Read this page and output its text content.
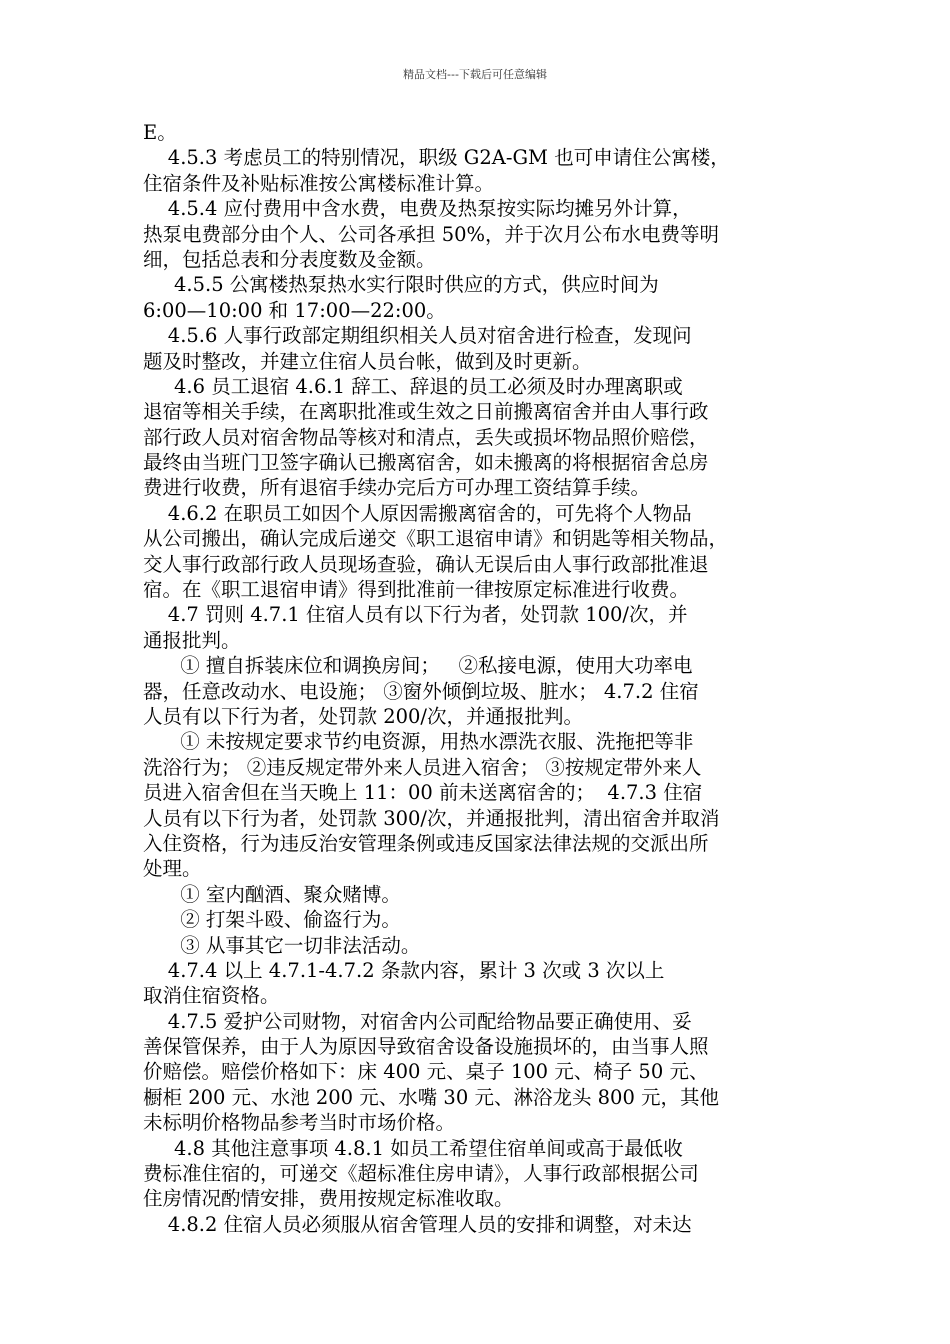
精品文档---下载后可任意编辑
E。
4.5.3 考虑员工的特别情况，职级 G2A-GM 也可申请住公寓楼，
住宿条件及补贴标准按公寓楼标准计算。
4.5.4 应付费用中含水费，电费及热泵按实际均摊另外计算，
热泵电费部分由个人、公司各承担 50%，并于次月公布水电费等明
细，包括总表和分表度数及金额。
4.5.5 公寓楼热泵热水实行限时供应的方式，供应时间为
6:00—10:00 和 17:00—22:00。
4.5.6 人事行政部定期组织相关人员对宿舍进行检查，发现问
题及时整改，并建立住宿人员台帐，做到及时更新。
4.6 员工退宿 4.6.1 辞工、辞退的员工必须及时办理离职或
退宿等相关手续，在离职批准或生效之日前搬离宿舍并由人事行政
部行政人员对宿舍物品等核对和清点，丢失或损坏物品照价赔偿，
最终由当班门卫签字确认已搬离宿舍，如未搬离的将根据宿舍总房
费进行收费，所有退宿手续办完后方可办理工资结算手续。
4.6.2 在职员工如因个人原因需搬离宿舍的，可先将个人物品
从公司搬出，确认完成后递交《职工退宿申请》和钥匙等相关物品，
交人事行政部行政人员现场查验，确认无误后由人事行政部批准退
宿。在《职工退宿申请》得到批准前一律按原定标准进行收费。
4.7 罚则 4.7.1 住宿人员有以下行为者，处罚款 100/次，并
通报批判。
① 擅自拆装床位和调换房间；   ②私接电源，使用大功率电
器，任意改动水、电设施； ③窗外倾倒垃圾、脏水； 4.7.2 住宿
人员有以下行为者，处罚款 200/次，并通报批判。
① 未按规定要求节约电资源，用热水漂洗衣服、洗拖把等非
洗浴行为； ②违反规定带外来人员进入宿舍； ③按规定带外来人
员进入宿舍但在当天晚上 11：00 前未送离宿舍的；  4.7.3 住宿
人员有以下行为者，处罚款 300/次，并通报批判，清出宿舍并取消
入住资格，行为违反治安管理条例或违反国家法律法规的交派出所
处理。
① 室内酗酒、聚众赌博。
② 打架斗殴、偷盗行为。
③ 从事其它一切非法活动。
4.7.4 以上 4.7.1-4.7.2 条款内容，累计 3 次或 3 次以上
取消住宿资格。
4.7.5 爱护公司财物，对宿舍内公司配给物品要正确使用、妥
善保管保养，由于人为原因导致宿舍设备设施损坏的，由当事人照
价赔偿。赔偿价格如下：床 400 元、桌子 100 元、椅子 50 元、
橱柜 200 元、水池 200 元、水嘴 30 元、淋浴龙头 800 元，其他
未标明价格物品参考当时市场价格。
4.8 其他注意事项 4.8.1 如员工希望住宿单间或高于最低收
费标准住宿的，可递交《超标准住房申请》，人事行政部根据公司
住房情况酌情安排，费用按规定标准收取。
4.8.2 住宿人员必须服从宿舍管理人员的安排和调整，对未达
